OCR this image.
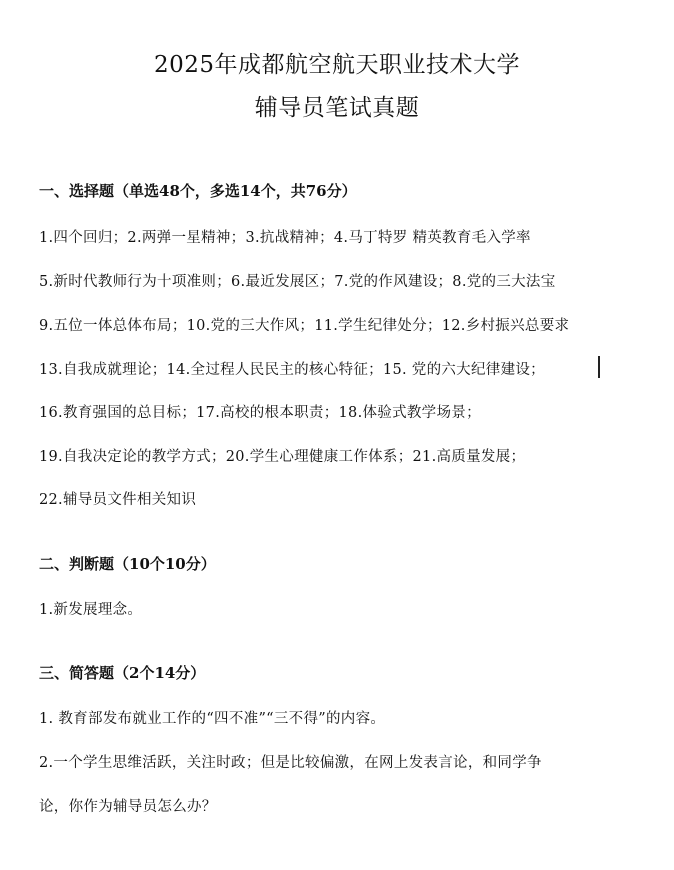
2025年成都航空航天职业技术大学
辅导员笔试真题
一、选择题（单选48个，多选14个，共76分）
1.四个回归；2.两弹一星精神；3.抗战精神；4.马丁特罗 精英教育毛入学率
5.新时代教师行为十项准则；6.最近发展区；7.党的作风建设；8.党的三大法宝
9.五位一体总体布局；10.党的三大作风；11.学生纪律处分；12.乡村振兴总要求
13.自我成就理论；14.全过程人民民主的核心特征；15. 党的六大纪律建设；
16.教育强国的总目标；17.高校的根本职责；18.体验式教学场景；
19.自我决定论的教学方式；20.学生心理健康工作体系；21.高质量发展；
22.辅导员文件相关知识
二、判断题（10个10分）
1.新发展理念。
三、简答题（2个14分）
1. 教育部发布就业工作的“四不准”“三不得”的内容。
2.一个学生思维活跃，关注时政；但是比较偏激，在网上发表言论，和同学争
论，你作为辅导员怎么办？
